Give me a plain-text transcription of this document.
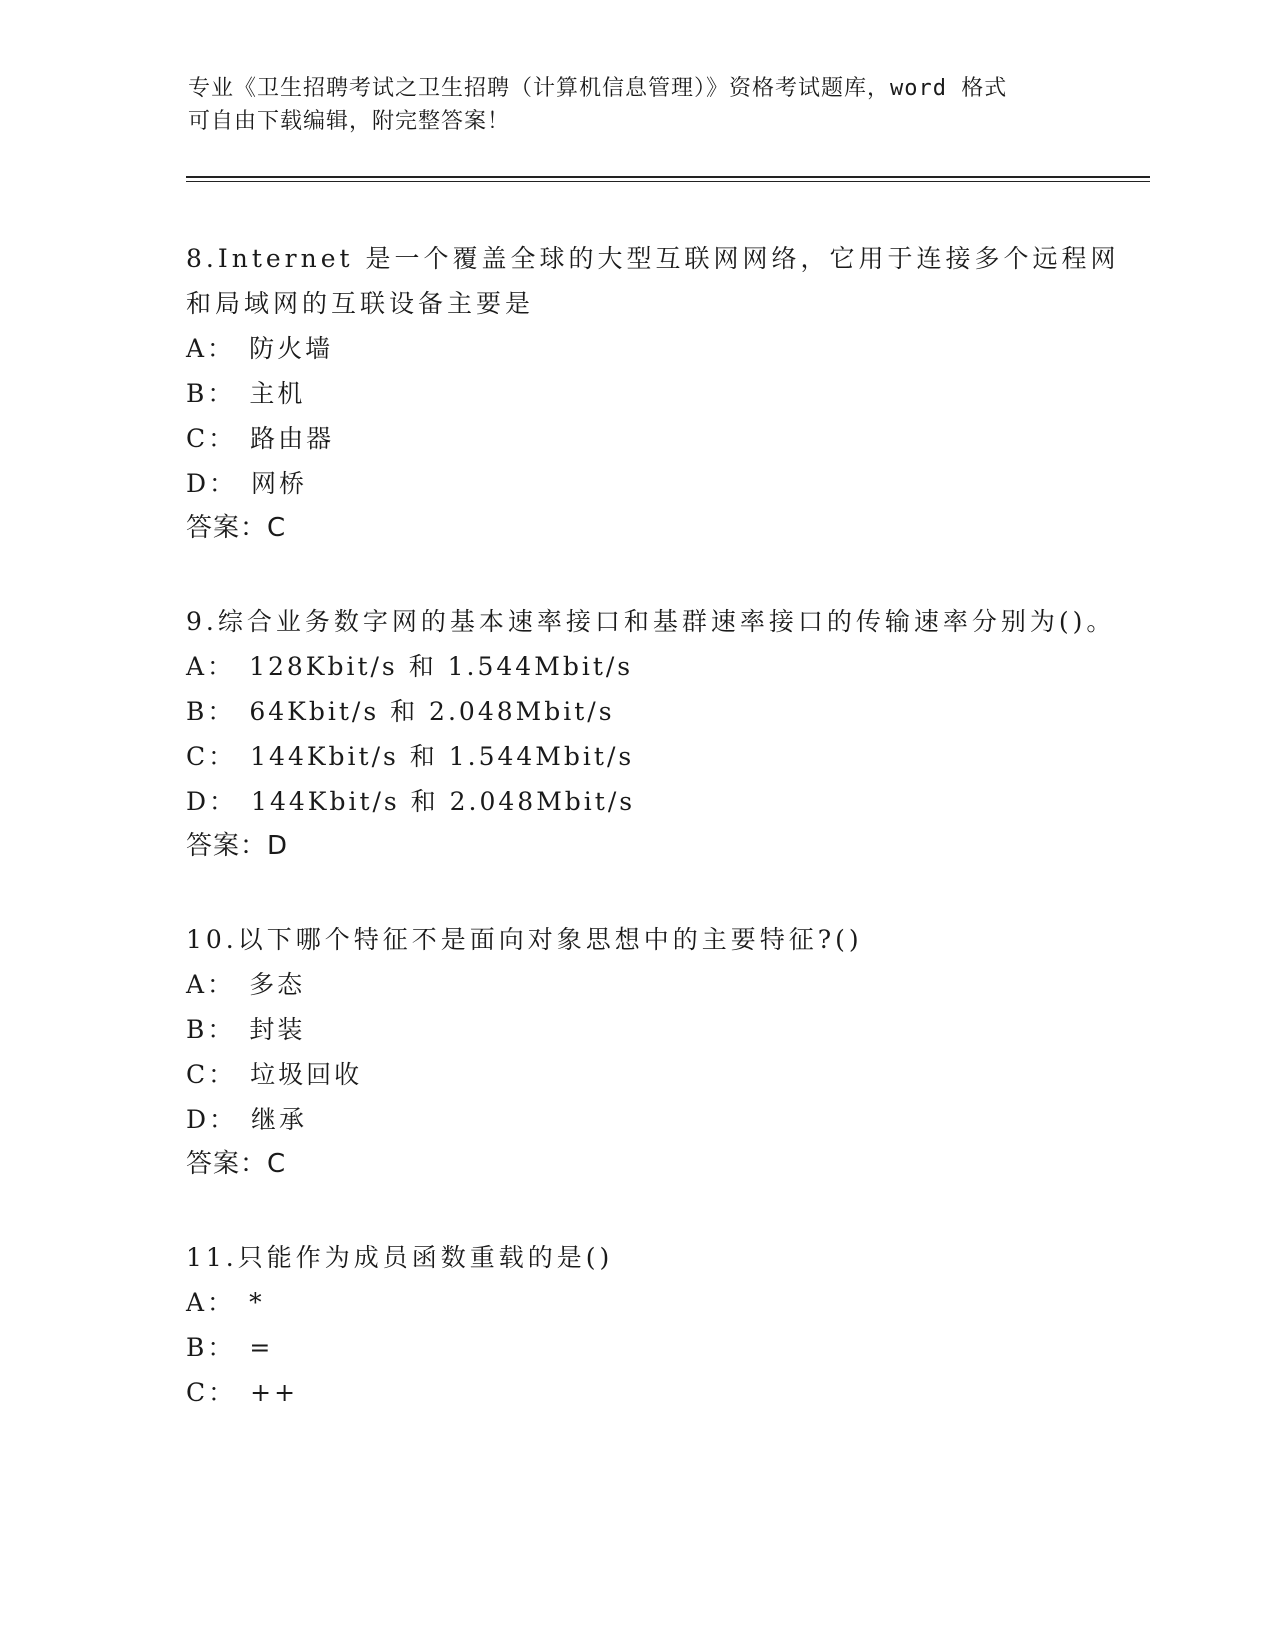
专业《卫生招聘考试之卫生招聘（计算机信息管理）》资格考试题库，word 格式
可自由下载编辑，附完整答案！
8.Internet 是一个覆盖全球的大型互联网网络，它用于连接多个远程网和局域网的互联设备主要是
A： 防火墙
B： 主机
C： 路由器
D： 网桥
答案：C
9.综合业务数字网的基本速率接口和基群速率接口的传输速率分别为()。
A： 128Kbit/s 和 1.544Mbit/s
B： 64Kbit/s 和 2.048Mbit/s
C： 144Kbit/s 和 1.544Mbit/s
D： 144Kbit/s 和 2.048Mbit/s
答案：D
10.以下哪个特征不是面向对象思想中的主要特征?()
A： 多态
B： 封装
C： 垃圾回收
D： 继承
答案：C
11.只能作为成员函数重载的是()
A： *
B： =
C： ++
